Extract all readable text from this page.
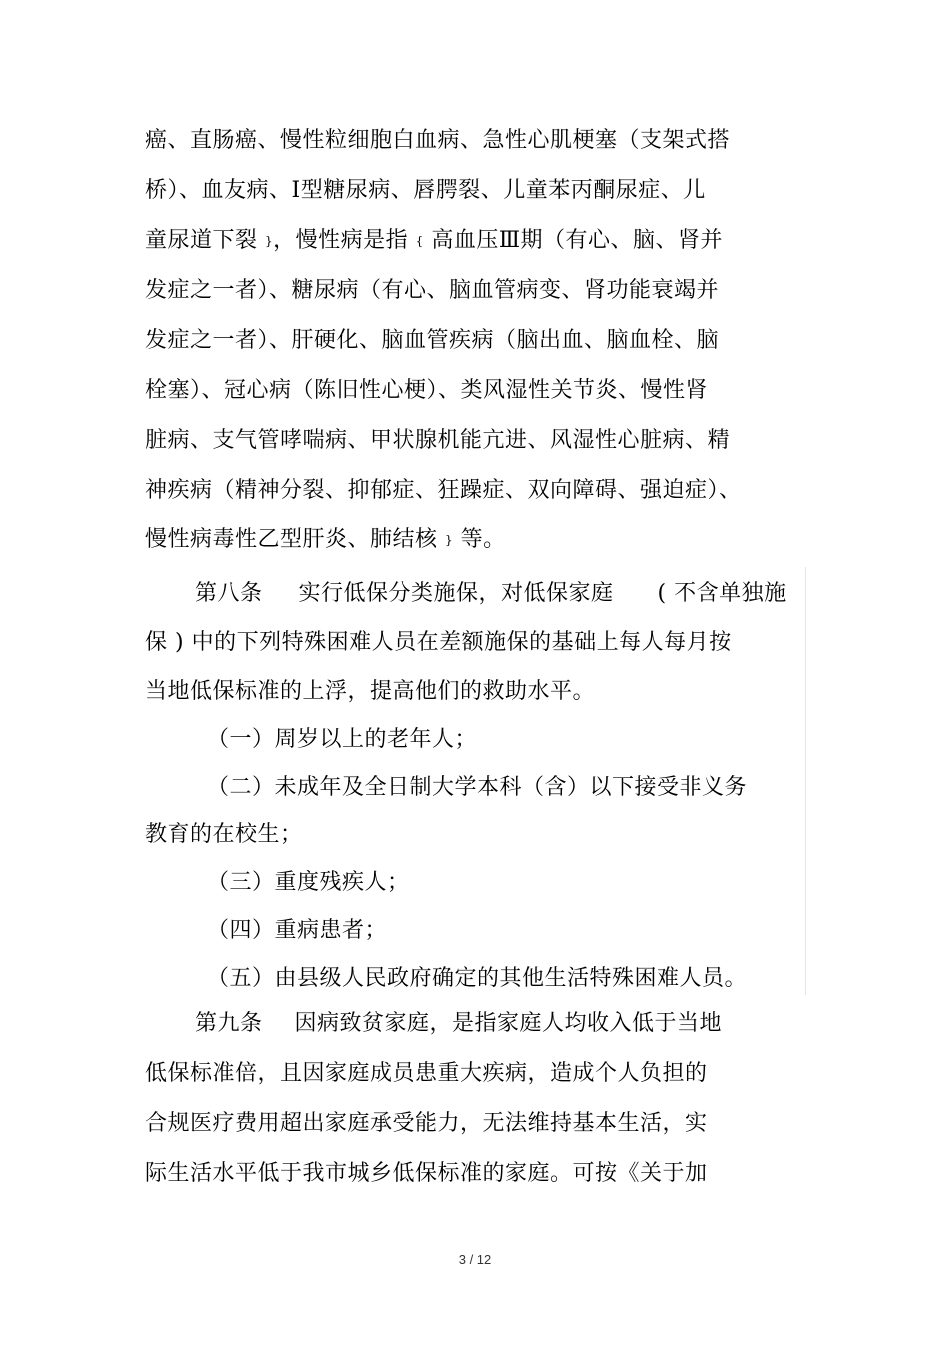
癌、直肠癌、慢性粒细胞白血病、急性心肌梗塞（支架式搭
桥）、血友病、Ⅰ型糖尿病、唇腭裂、儿童苯丙酮尿症、儿
童尿道下裂 }，慢性病是指 { 高血压Ⅲ期（有心、脑、肾并
发症之一者）、糖尿病（有心、脑血管病变、肾功能衰竭并
发症之一者）、肝硬化、脑血管疾病（脑出血、脑血栓、脑
栓塞）、冠心病（陈旧性心梗）、类风湿性关节炎、慢性肾
脏病、支气管哮喘病、甲状腺机能亢进、风湿性心脏病、精
神疾病（精神分裂、抑郁症、狂躁症、双向障碍、强迫症）、
慢性病毒性乙型肝炎、肺结核 } 等。
第八条 实行低保分类施保，对低保家庭 ( 不含单独施
保 ) 中的下列特殊困难人员在差额施保的基础上每人每月按
当地低保标准的上浮，提高他们的救助水平。
（一）周岁以上的老年人；
（二）未成年及全日制大学本科（含）以下接受非义务
教育的在校生；
（三）重度残疾人；
（四）重病患者；
（五）由县级人民政府确定的其他生活特殊困难人员。
第九条 因病致贫家庭，是指家庭人均收入低于当地
低保标准倍，且因家庭成员患重大疾病，造成个人负担的
合规医疗费用超出家庭承受能力，无法维持基本生活，实
际生活水平低于我市城乡低保标准的家庭。可按《关于加
3 / 12
